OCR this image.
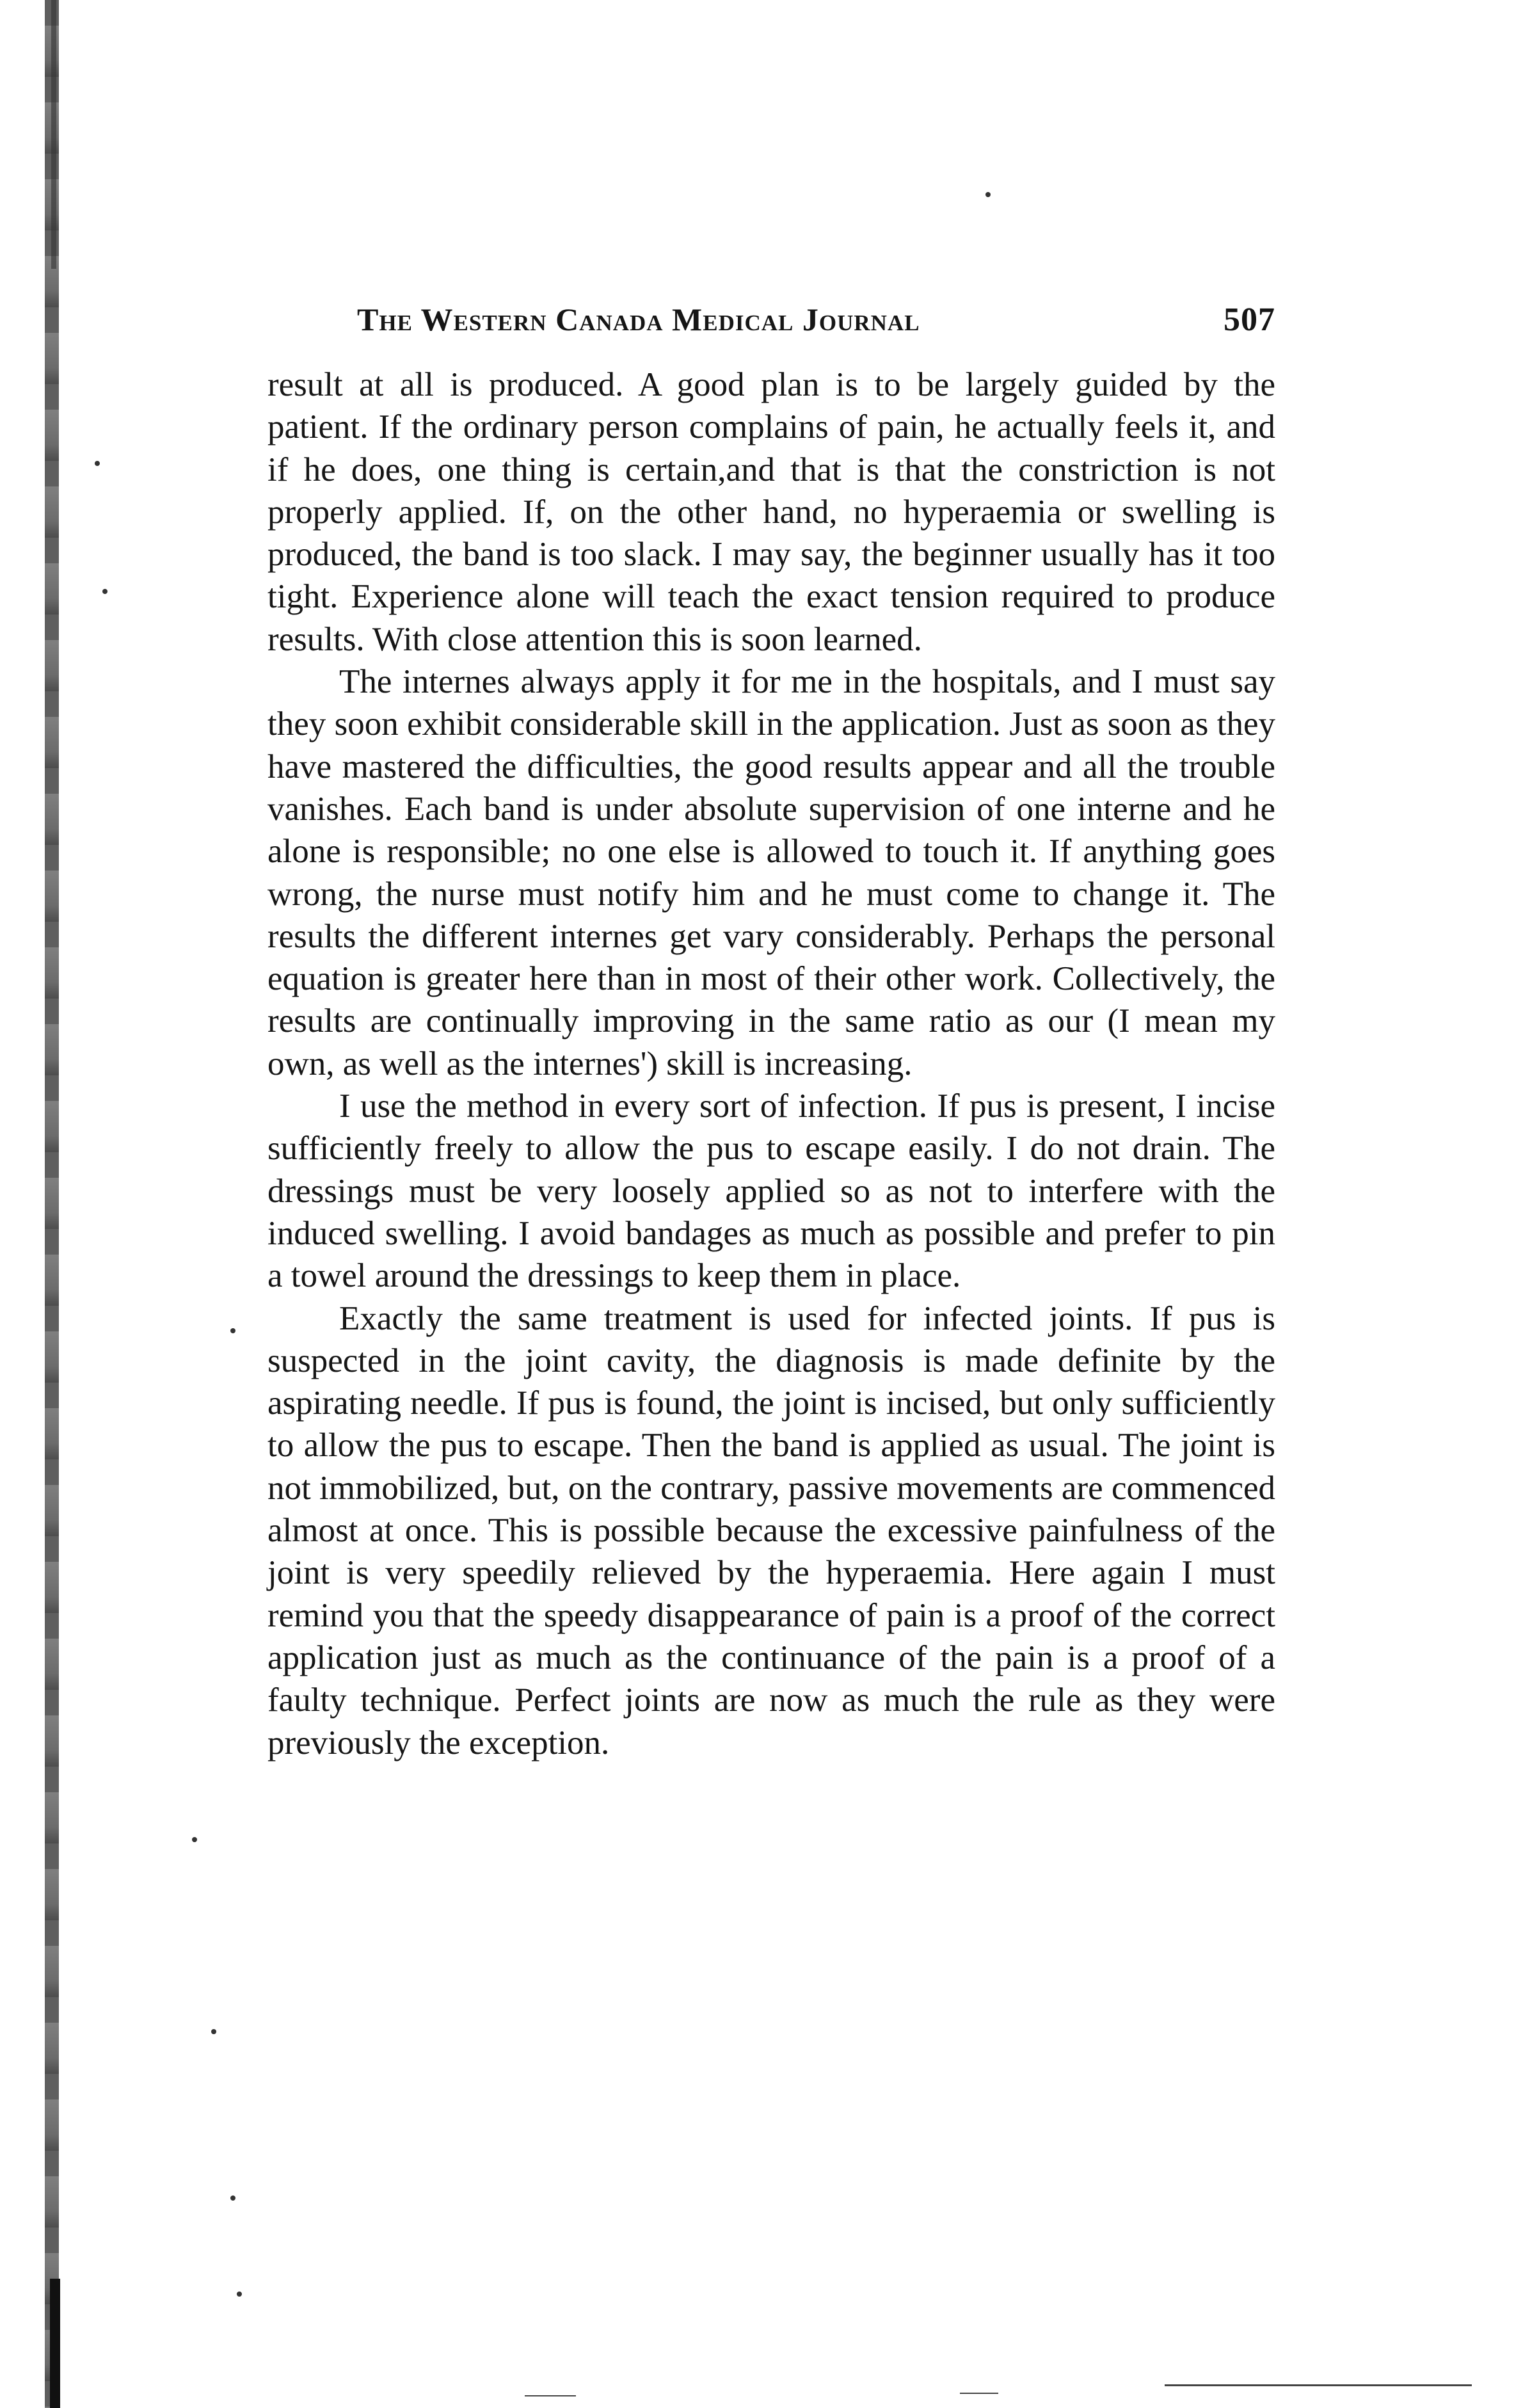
The Western Canada Medical Journal	507

result at all is produced. A good plan is to be largely guided by the patient. If the ordinary person complains of pain, he actually feels it, and if he does, one thing is certain,and that is that the constriction is not properly applied. If, on the other hand, no hyperaemia or swelling is produced, the band is too slack. I may say, the beginner usually has it too tight. Experience alone will teach the exact tension required to produce results. With close attention this is soon learned.

The internes always apply it for me in the hospitals, and I must say they soon exhibit considerable skill in the application. Just as soon as they have mastered the difficulties, the good results appear and all the trouble vanishes. Each band is under absolute supervision of one interne and he alone is responsible; no one else is allowed to touch it. If anything goes wrong, the nurse must notify him and he must come to change it. The results the different internes get vary considerably. Perhaps the personal equation is greater here than in most of their other work. Collectively, the results are continually improving in the same ratio as our (I mean my own, as well as the internes') skill is increasing.

I use the method in every sort of infection. If pus is present, I incise sufficiently freely to allow the pus to escape easily. I do not drain. The dressings must be very loosely applied so as not to interfere with the induced swelling. I avoid bandages as much as possible and prefer to pin a towel around the dressings to keep them in place.

Exactly the same treatment is used for infected joints. If pus is suspected in the joint cavity, the diagnosis is made definite by the aspirating needle. If pus is found, the joint is incised, but only sufficiently to allow the pus to escape. Then the band is applied as usual. The joint is not immobilized, but, on the contrary, passive movements are commenced almost at once. This is possible because the excessive painfulness of the joint is very speedily relieved by the hyperaemia. Here again I must remind you that the speedy disappearance of pain is a proof of the correct application just as much as the continuance of the pain is a proof of a faulty technique. Perfect joints are now as much the rule as they were previously the exception.
